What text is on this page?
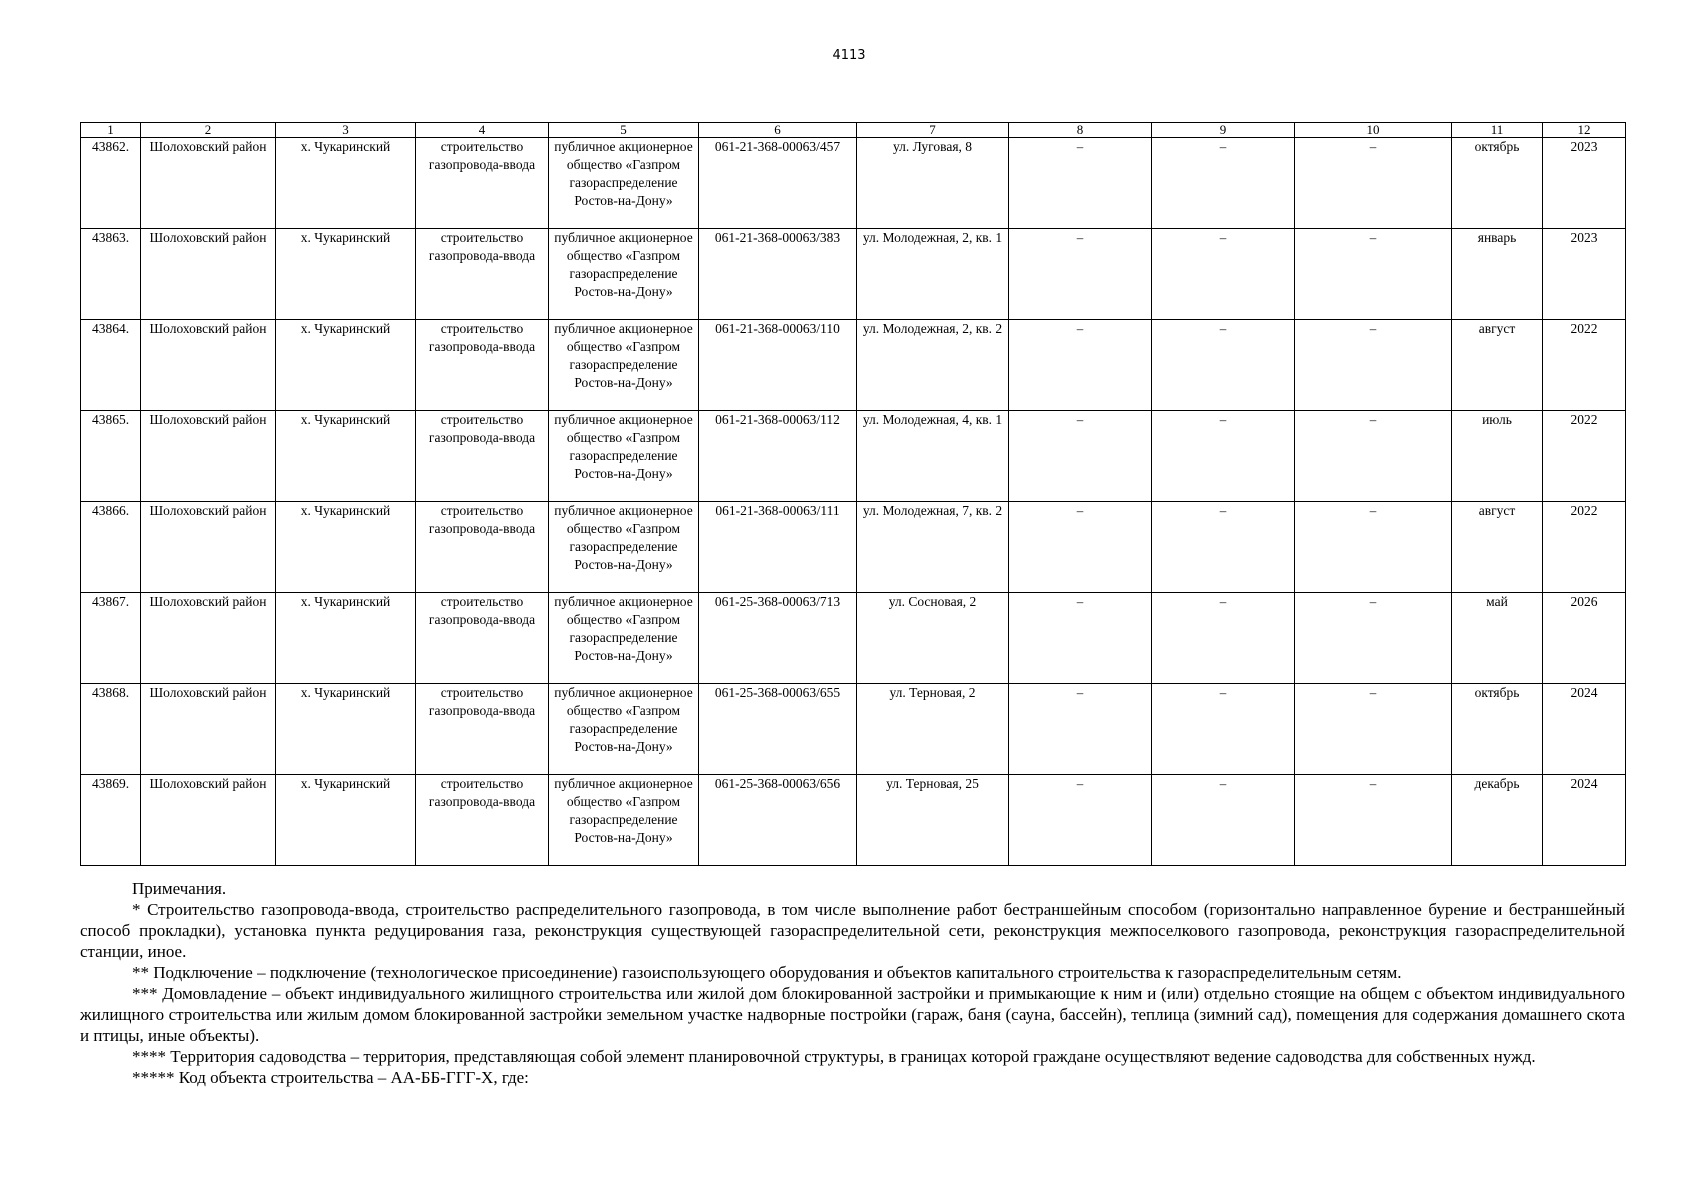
4113
1	2	3	4	5	6	7	8	9	10	11	12
43862.	Шолоховский район	х. Чукаринский	строительство газопровода-ввода	публичное акционерное общество «Газпром газораспределение Ростов-на-Дону»	061-21-368-00063/457	ул. Луговая, 8	–	–	–	октябрь	2023
43863.	Шолоховский район	х. Чукаринский	строительство газопровода-ввода	публичное акционерное общество «Газпром газораспределение Ростов-на-Дону»	061-21-368-00063/383	ул. Молодежная, 2, кв. 1	–	–	–	январь	2023
43864.	Шолоховский район	х. Чукаринский	строительство газопровода-ввода	публичное акционерное общество «Газпром газораспределение Ростов-на-Дону»	061-21-368-00063/110	ул. Молодежная, 2, кв. 2	–	–	–	август	2022
43865.	Шолоховский район	х. Чукаринский	строительство газопровода-ввода	публичное акционерное общество «Газпром газораспределение Ростов-на-Дону»	061-21-368-00063/112	ул. Молодежная, 4, кв. 1	–	–	–	июль	2022
43866.	Шолоховский район	х. Чукаринский	строительство газопровода-ввода	публичное акционерное общество «Газпром газораспределение Ростов-на-Дону»	061-21-368-00063/111	ул. Молодежная, 7, кв. 2	–	–	–	август	2022
43867.	Шолоховский район	х. Чукаринский	строительство газопровода-ввода	публичное акционерное общество «Газпром газораспределение Ростов-на-Дону»	061-25-368-00063/713	ул. Сосновая, 2	–	–	–	май	2026
43868.	Шолоховский район	х. Чукаринский	строительство газопровода-ввода	публичное акционерное общество «Газпром газораспределение Ростов-на-Дону»	061-25-368-00063/655	ул. Терновая, 2	–	–	–	октябрь	2024
43869.	Шолоховский район	х. Чукаринский	строительство газопровода-ввода	публичное акционерное общество «Газпром газораспределение Ростов-на-Дону»	061-25-368-00063/656	ул. Терновая, 25	–	–	–	декабрь	2024

Примечания.

* Строительство газопровода-ввода, строительство распределительного газопровода, в том числе выполнение работ бестраншейным способом (горизонтально направленное бурение и бестраншейный способ прокладки), установка пункта редуцирования газа, реконструкция существующей газораспределительной сети, реконструкция межпоселкового газопровода, реконструкция газораспределительной станции, иное.

** Подключение – подключение (технологическое присоединение) газоиспользующего оборудования и объектов капитального строительства к газораспределительным сетям.

*** Домовладение – объект индивидуального жилищного строительства или жилой дом блокированной застройки и примыкающие к ним и (или) отдельно стоящие на общем с объектом индивидуального жилищного строительства или жилым домом блокированной застройки земельном участке надворные постройки (гараж, баня (сауна, бассейн), теплица (зимний сад), помещения для содержания домашнего скота и птицы, иные объекты).

**** Территория садоводства – территория, представляющая собой элемент планировочной структуры, в границах которой граждане осуществляют ведение садоводства для собственных нужд.

***** Код объекта строительства – АА-ББ-ГГГ-Х, где:
